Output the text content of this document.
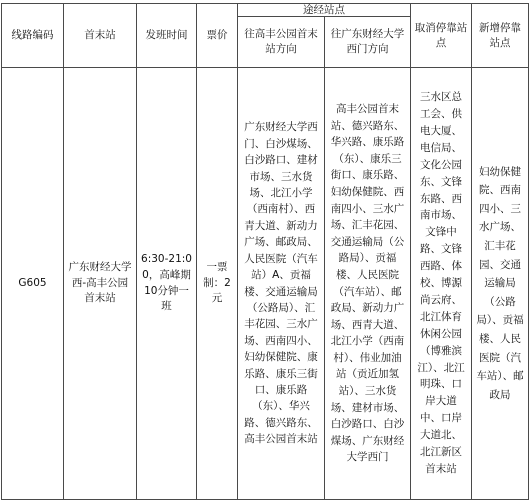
线路编码	首末站	发班时间	票价	途经站点		取消停靠站点	新增停靠站点
				往高丰公园首末站方向	往广东财经大学西门方向		
G605	广东财经大学西-高丰公园首末站	6:30-21:00，高峰期10分钟一班	一票制：2元	广东财经大学西门、白沙煤场、白沙路口、建材市场、三水货场、北江小学（西南村）、西青大道、新动力广场、邮政局、人民医院（汽车站）A、贡福楼、交通运输局（公路局）、汇丰花园、三水广场、西南四小、妇幼保健院、康乐路、康乐三街口、康乐路（东）、华兴路、德兴路东、高丰公园首末站	高丰公园首末站、德兴路东、华兴路、康乐路（东）、康乐三街口、康乐路、妇幼保健院、西南四小、三水广场、汇丰花园、交通运输局（公路局）、贡福楼、人民医院（汽车站）、邮政局、新动力广场、西青大道、北江小学（西南村）、伟业加油站（贡近加氢站）、三水货场、建材市场、白沙路口、白沙煤场、广东财经大学西门	三水区总工会、供电大厦、电信局、文化公园东、文锋东路、西南市场、文锋中路、文锋西路、体校、博源尚云府、北江体育休闲公园（博雅滨江）、北江明珠、口岸大道中、口岸大道北、北江新区首末站	妇幼保健院、西南四小、三水广场、汇丰花园、交通运输局（公路局）、贡福楼、人民医院（汽车站）、邮政局
